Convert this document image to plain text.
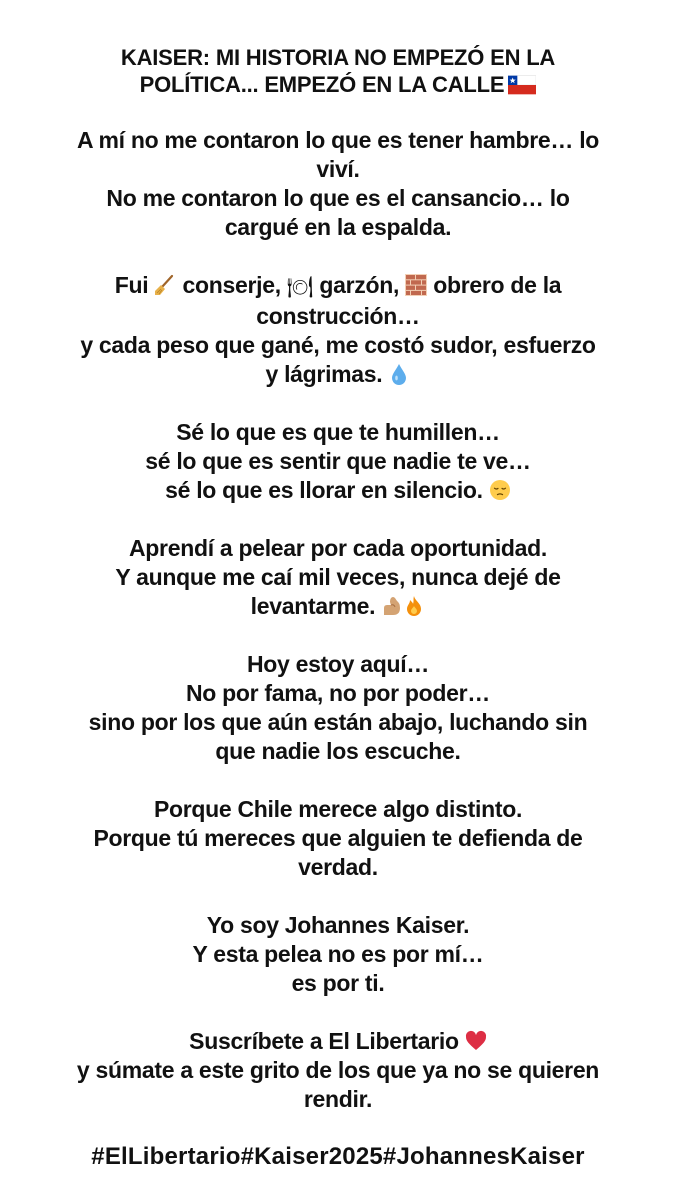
KAISER: MI HISTORIA NO EMPEZÓ EN LA
POLÍTICA... EMPEZÓ EN LA CALLE

A mí no me contaron lo que es tener hambre… lo
viví.
No me contaron lo que es el cansancio… lo
cargué en la espalda.

Fui conserje, 🍽 garzón, obrero de la
construcción…
y cada peso que gané, me costó sudor, esfuerzo
y lágrimas.

Sé lo que es que te humillen…
sé lo que es sentir que nadie te ve…
sé lo que es llorar en silencio.

Aprendí a pelear por cada oportunidad.
Y aunque me caí mil veces, nunca dejé de
levantarme.

Hoy estoy aquí…
No por fama, no por poder…
sino por los que aún están abajo, luchando sin
que nadie los escuche.

Porque Chile merece algo distinto.
Porque tú mereces que alguien te defienda de
verdad.

Yo soy Johannes Kaiser.
Y esta pelea no es por mí…
es por ti.

Suscríbete a El Libertario
y súmate a este grito de los que ya no se quieren
rendir.

#ElLibertario#Kaiser2025#JohannesKaiser
